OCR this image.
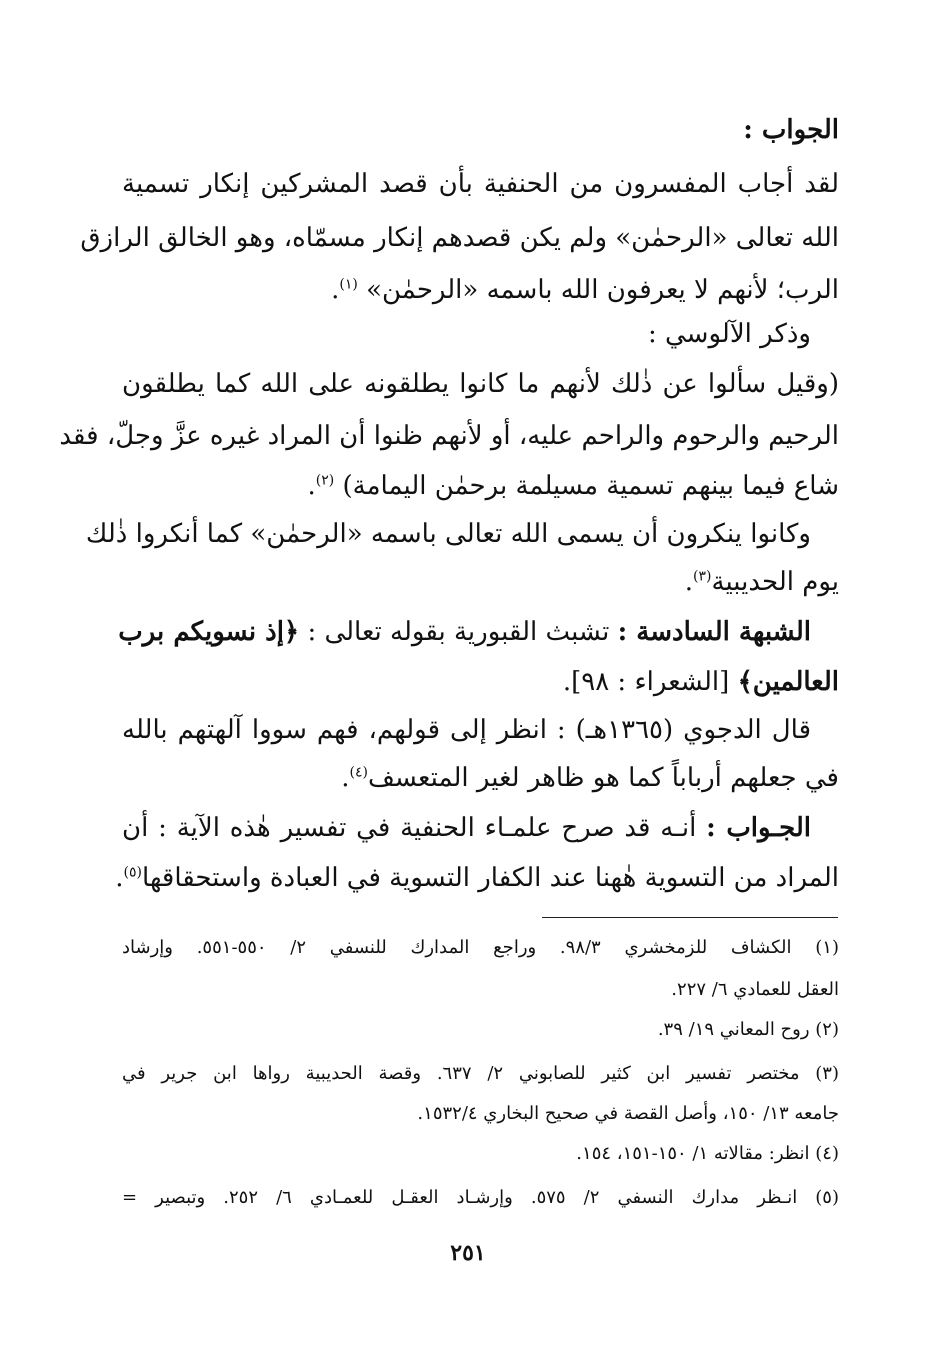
الجواب :
لقد أجاب المفسرون من الحنفية بأن قصد المشركين إنكار تسمية
الله تعالى «الرحمٰن» ولم يكن قصدهم إنكار مسمّاه، وهو الخالق الرازق
الرب؛ لأنهم لا يعرفون الله باسمه «الرحمٰن» $^{(١)}$.
وذكر الآلوسي :
(وقيل سألوا عن ذٰلك لأنهم ما كانوا يطلقونه على الله كما يطلقون
الرحيم والرحوم والراحم عليه، أو لأنهم ظنوا أن المراد غيره عزَّ وجلّ، فقد
شاع فيما بينهم تسمية مسيلمة برحمٰن اليمامة) $^{(٢)}$.
وكانوا ينكرون أن يسمى الله تعالى باسمه «الرحمٰن» كما أنكروا ذٰلك
يوم الحديبية$^{(٣)}$.
الشبهة السادسة : تشبث القبورية بقوله تعالى : ﴿إذ نسويكم برب
العالمين﴾ [الشعراء : ٩٨].
قال الدجوي (١٣٦٥هـ) : انظر إلى قولهم، فهم سووا آلهتهم بالله
في جعلهم أرباباً كما هو ظاهر لغير المتعسف$^{(٤)}$.
الجـواب : أنـه قد صرح علمـاء الحنفية في تفسير هٰذه الآية : أن
المراد من التسوية هٰهنا عند الكفار التسوية في العبادة واستحقاقها$^{(٥)}$.
(١) الكشاف للزمخشري ٩٨/٣. وراجع المدارك للنسفي ٢/ ٥٥٠-٥٥١. وإرشاد
العقل للعمادي ٦/ ٢٢٧.
(٢) روح المعاني ١٩/ ٣٩.
(٣) مختصر تفسير ابن كثير للصابوني ٢/ ٦٣٧. وقصة الحديبية رواها ابن جرير في
جامعه ١٣/ ١٥٠، وأصل القصة في صحيح البخاري ١٥٣٢/٤.
(٤) انظر: مقالاته ١/ ١٥٠-١٥١، ١٥٤.
(٥) انـظر مدارك النسفي ٢/ ٥٧٥. وإرشـاد العقـل للعمـادي ٦/ ٢٥٢. وتبصير =
٢٥١
